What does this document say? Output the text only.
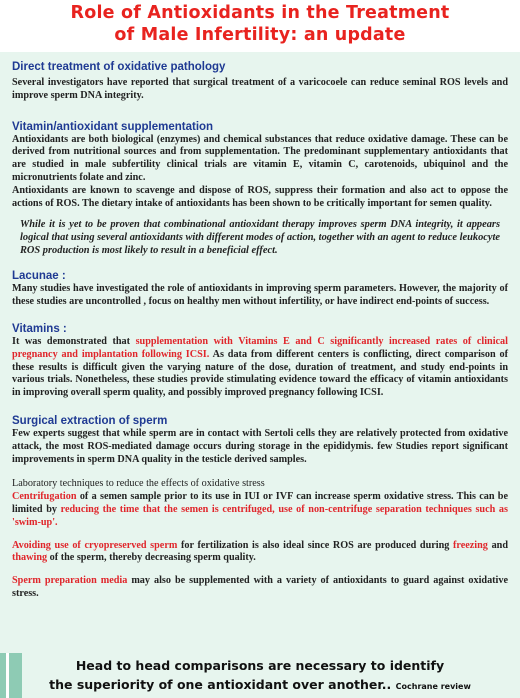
Role of Antioxidants in the Treatment
of Male Infertility: an update
Direct treatment of oxidative pathology

Several investigators have reported that surgical treatment of a varicocoele can reduce seminal ROS levels and improve sperm DNA integrity.

Vitamin/antioxidant supplementation

Antioxidants are both biological (enzymes) and chemical substances that reduce oxidative damage. These can be derived from nutritional sources and from supplementation. The predominant supplementary antioxidants that are studied in male subfertility clinical trials are vitamin E, vitamin C, carotenoids, ubiquinol and the micronutrients folate and zinc.

Antioxidants are known to scavenge and dispose of ROS, suppress their formation and also act to oppose the actions of ROS. The dietary intake of antioxidants has been shown to be critically important for semen quality.

While it is yet to be proven that combinational antioxidant therapy improves sperm DNA integrity, it appears logical that using several antioxidants with different modes of action, together with an agent to reduce leukocyte ROS production is most likely to result in a beneficial effect.

Lacunae :

Many studies have investigated the role of antioxidants in improving sperm parameters. However, the majority of these studies are uncontrolled , focus on healthy men without infertility, or have indirect end-points of success.

Vitamins :

It was demonstrated that supplementation with Vitamins E and C significantly increased rates of clinical pregnancy and implantation following ICSI. As data from different centers is conflicting, direct comparison of these results is difficult given the varying nature of the dose, duration of treatment, and study end-points in various trials. Nonetheless, these studies provide stimulating evidence toward the efficacy of vitamin antioxidants in improving overall sperm quality, and possibly improved pregnancy following ICSI.

Surgical extraction of sperm

Few experts suggest that while sperm are in contact with Sertoli cells they are relatively protected from oxidative attack, the most ROS-mediated damage occurs during storage in the epididymis. few Studies report significant improvements in sperm DNA quality in the testicle derived samples.

Laboratory techniques to reduce the effects of oxidative stress

Centrifugation of a semen sample prior to its use in IUI or IVF can increase sperm oxidative stress. This can be limited by reducing the time that the semen is centrifuged, use of non-centrifuge separation techniques such as 'swim-up'.

Avoiding use of cryopreserved sperm for fertilization is also ideal since ROS are produced during freezing and thawing of the sperm, thereby decreasing sperm quality.

Sperm preparation media may also be supplemented with a variety of antioxidants to guard against oxidative stress.

Head to head comparisons are necessary to identify
the superiority of one antioxidant over another.. Cochrane review
